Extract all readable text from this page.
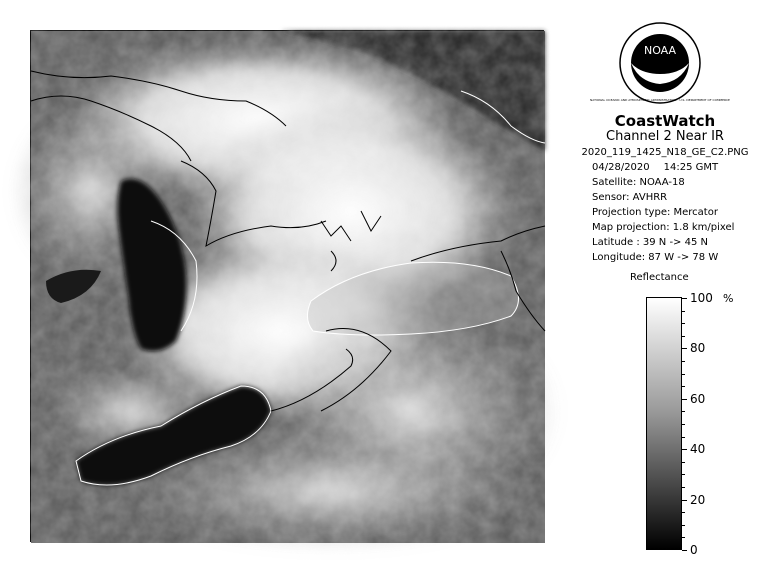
NOAA
NATIONAL OCEANIC AND ATMOSPHERIC ADMINISTRATION · U.S. DEPARTMENT OF COMMERCE
CoastWatch
Channel 2 Near IR
2020_119_1425_N18_GE_C2.PNG
04/28/2020 14:25 GMT
Satellite: NOAA-18
Sensor: AVHRR
Projection type: Mercator
Map projection: 1.8 km/pixel
Latitude : 39 N -> 45 N
Longitude: 87 W -> 78 W
Reflectance
%
100
80
60
40
20
0
